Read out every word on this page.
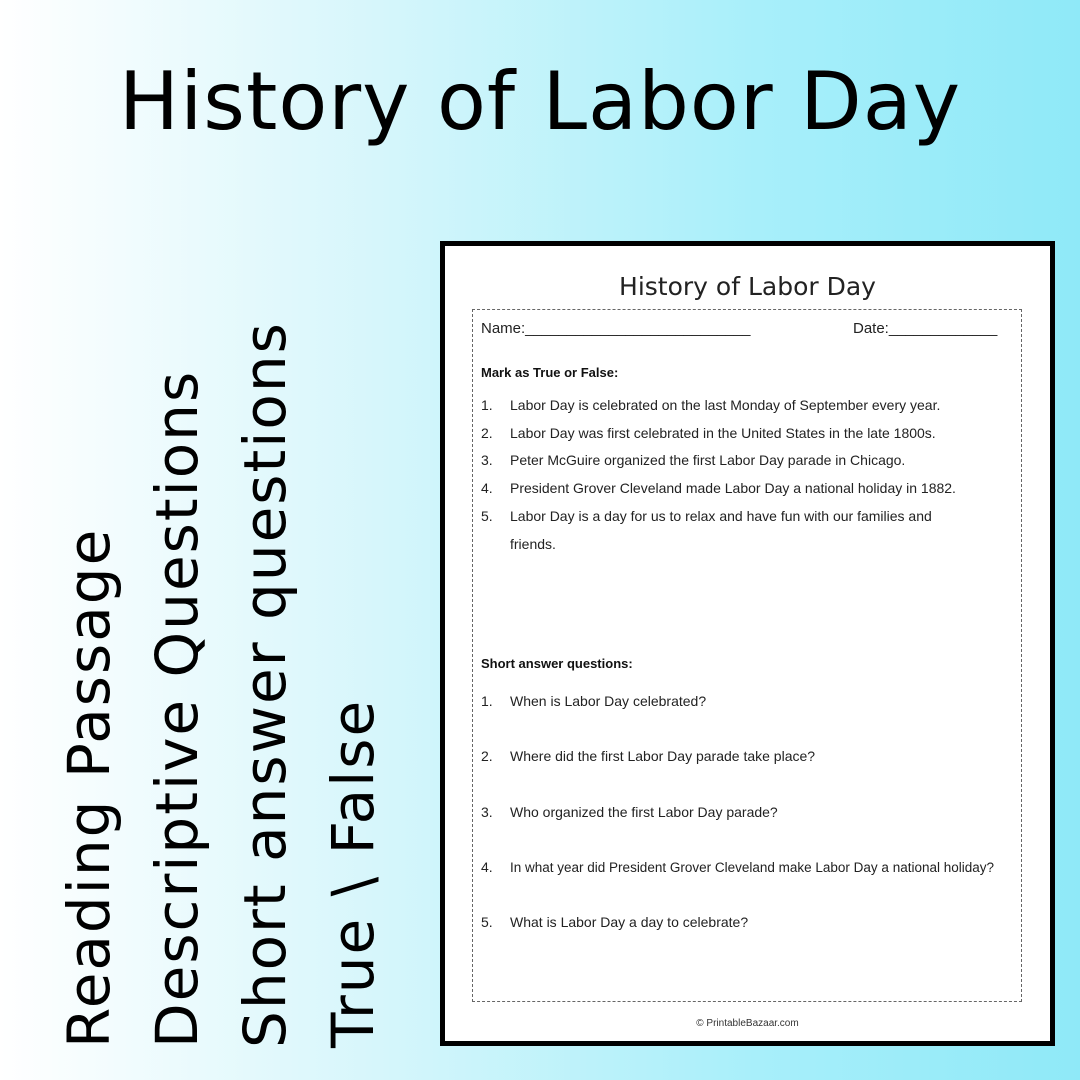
History of Labor Day
Reading Passage Descriptive Questions Short answer questions True \ False
History of Labor Day
Name:___________________________	Date:_____________
Mark as True or False:
1. Labor Day is celebrated on the last Monday of September every year.
2. Labor Day was first celebrated in the United States in the late 1800s.
3. Peter McGuire organized the first Labor Day parade in Chicago.
4. President Grover Cleveland made Labor Day a national holiday in 1882.
5. Labor Day is a day for us to relax and have fun with our families and
friends.
Short answer questions:
1. When is Labor Day celebrated?
2. Where did the first Labor Day parade take place?
3. Who organized the first Labor Day parade?
4. In what year did President Grover Cleveland make Labor Day a national holiday?
5. What is Labor Day a day to celebrate?
© PrintableBazaar.com
